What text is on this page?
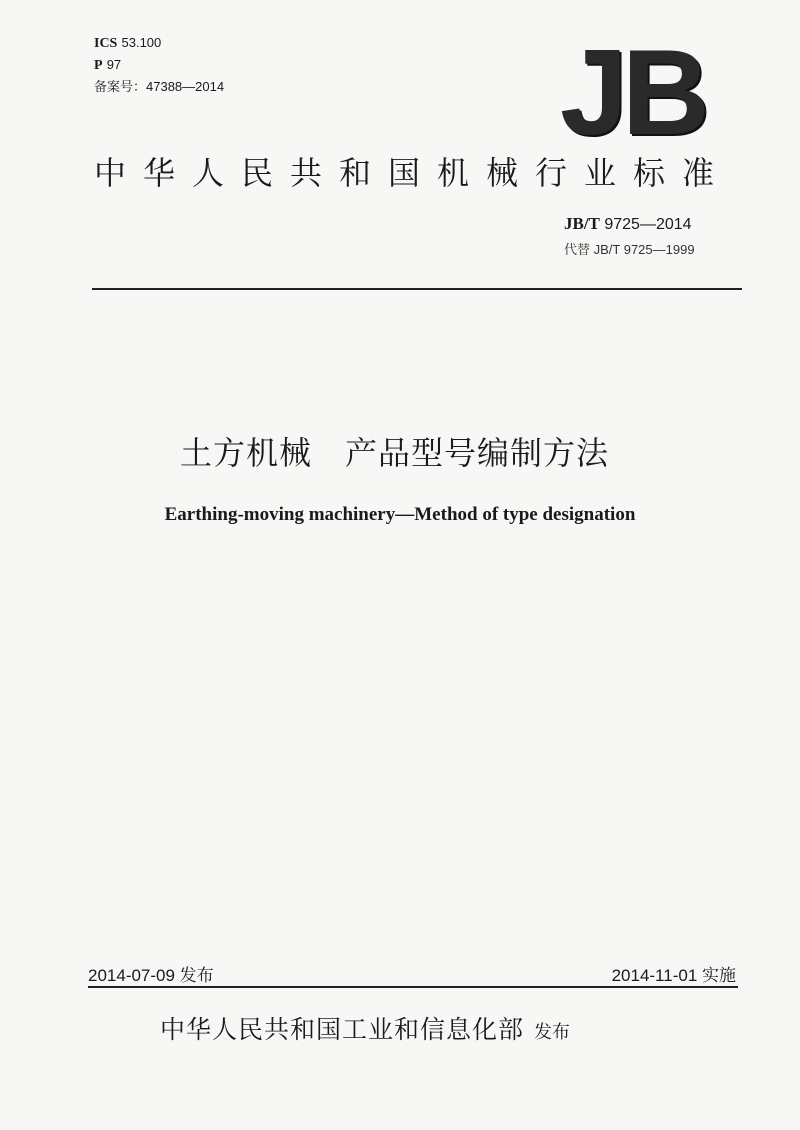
ICS 53.100
P 97
备案号：47388—2014	JB
中华人民共和国机械行业标准
JB/T 9725—2014
代替 JB/T 9725—1999
土方机械　产品型号编制方法
Earthing-moving machinery—Method of type designation
2014-07-09 发布	2014-11-01 实施
中华人民共和国工业和信息化部 发布
